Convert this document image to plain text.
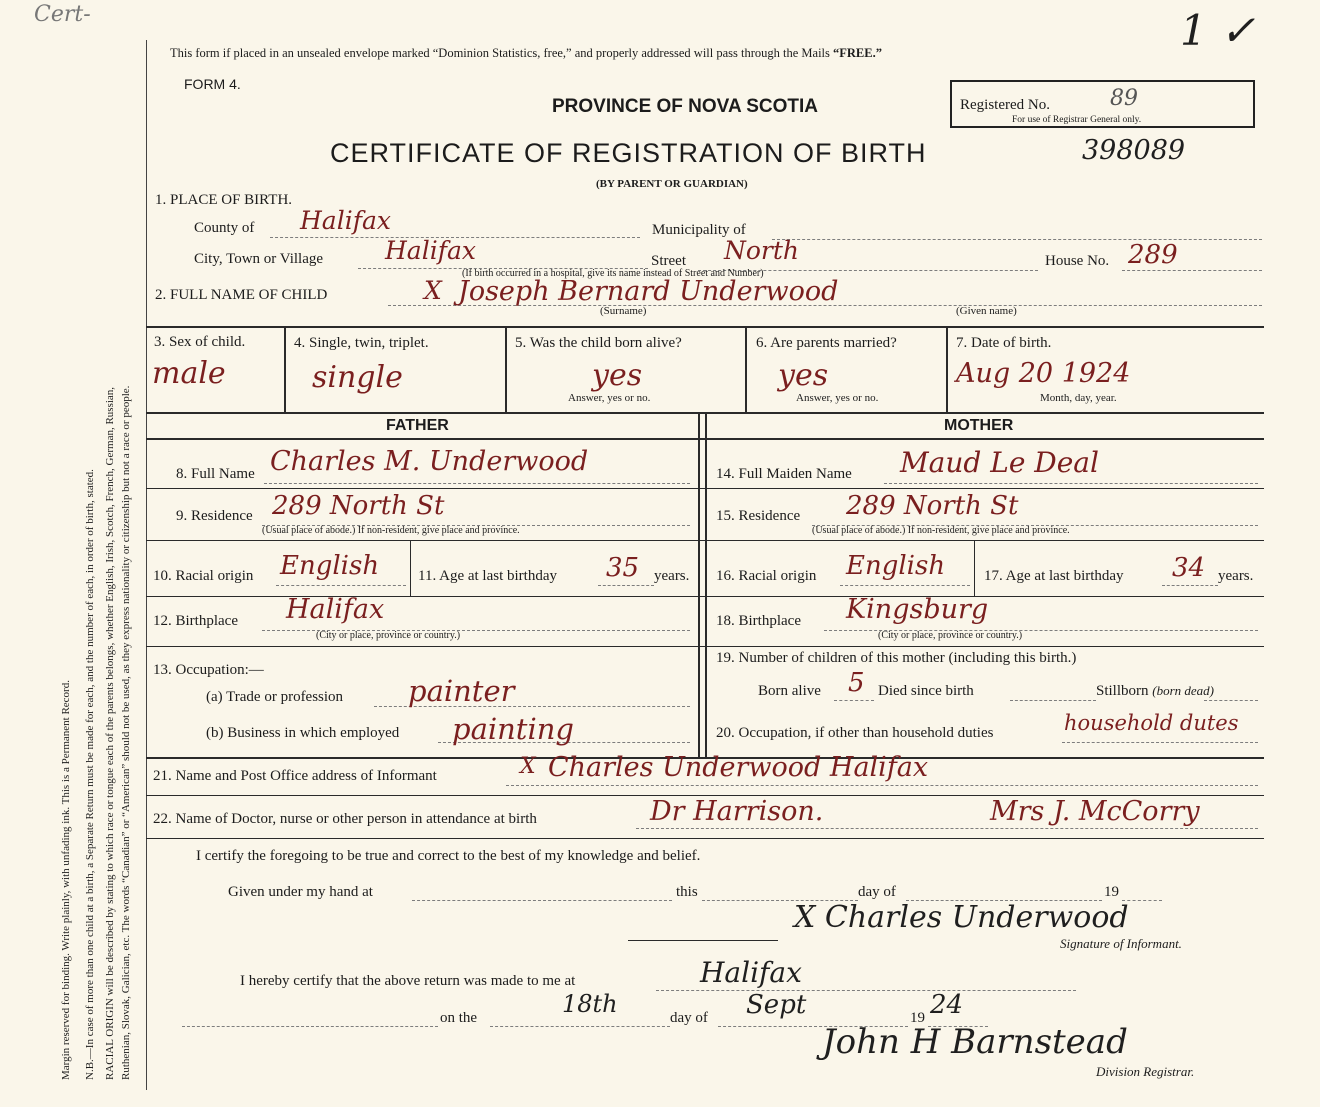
Cert-	1 ✓
Margin reserved for binding. Write plainly, with unfading ink. This is a Permanent Record. N.B.—In case of more than one child at a birth, a Separate Return must be made for each, and the number of each, in order of birth, stated. RACIAL ORIGIN will be described by stating to which race or tongue each of the parents belongs, whether English, Irish, Scotch, French, German, Russian, Ruthenian, Slovak, Galician, etc. The words “Canadian” or “American” should not be used, as they express nationality or citizenship but not a race or people.
This form if placed in an unsealed envelope marked “Dominion Statistics, free,” and properly addressed will pass through the Mails “FREE.”
FORM 4.
PROVINCE OF NOVA SCOTIA	Registered No.	89
For use of Registrar General only.
CERTIFICATE OF REGISTRATION OF BIRTH	398089
(BY PARENT OR GUARDIAN)
1. PLACE OF BIRTH.
County of Halifax	Municipality of
City, Town or Village Halifax	Street North
(If birth occurred in a hospital, give its name instead of Street and Number)
House No. 289
2. FULL NAME OF CHILD	X Joseph Bernard Underwood
(Surname)	(Given name)
3. Sex of child.
male
4. Single, twin, triplet.
single
5. Was the child born alive?
yes
Answer, yes or no.
6. Are parents married?
yes
Answer, yes or no.
7. Date of birth.
Aug 20 1924
Month, day, year.
FATHER	MOTHER
8. Full Name Charles M. Underwood
9. Residence 289 North St
(Usual place of abode.) If non-resident, give place and province.
10. Racial origin English	11. Age at last birthday 35 years.
12. Birthplace Halifax
(City or place, province or country.)
13. Occupation:—
(a) Trade or profession painter
(b) Business in which employed painting
14. Full Maiden Name Maud Le Deal
15. Residence 289 North St
(Usual place of abode.) If non-resident, give place and province.
16. Racial origin English	17. Age at last birthday 34 years.
18. Birthplace Kingsburg
(City or place, province or country.)
19. Number of children of this mother (including this birth.)
Born alive 5 Died since birth	Stillborn (born dead)
20. Occupation, if other than household duties	household dutes
21. Name and Post Office address of Informant	X Charles Underwood Halifax
22. Name of Doctor, nurse or other person in attendance at birth	Dr Harrison.	Mrs J. McCorry
I certify the foregoing to be true and correct to the best of my knowledge and belief.
Given under my hand at	this	day of	19
X Charles Underwood
Signature of Informant.
I hereby certify that the above return was made to me at	Halifax
on the	18th	day of Sept	19 24
John H Barnstead
Division Registrar.
